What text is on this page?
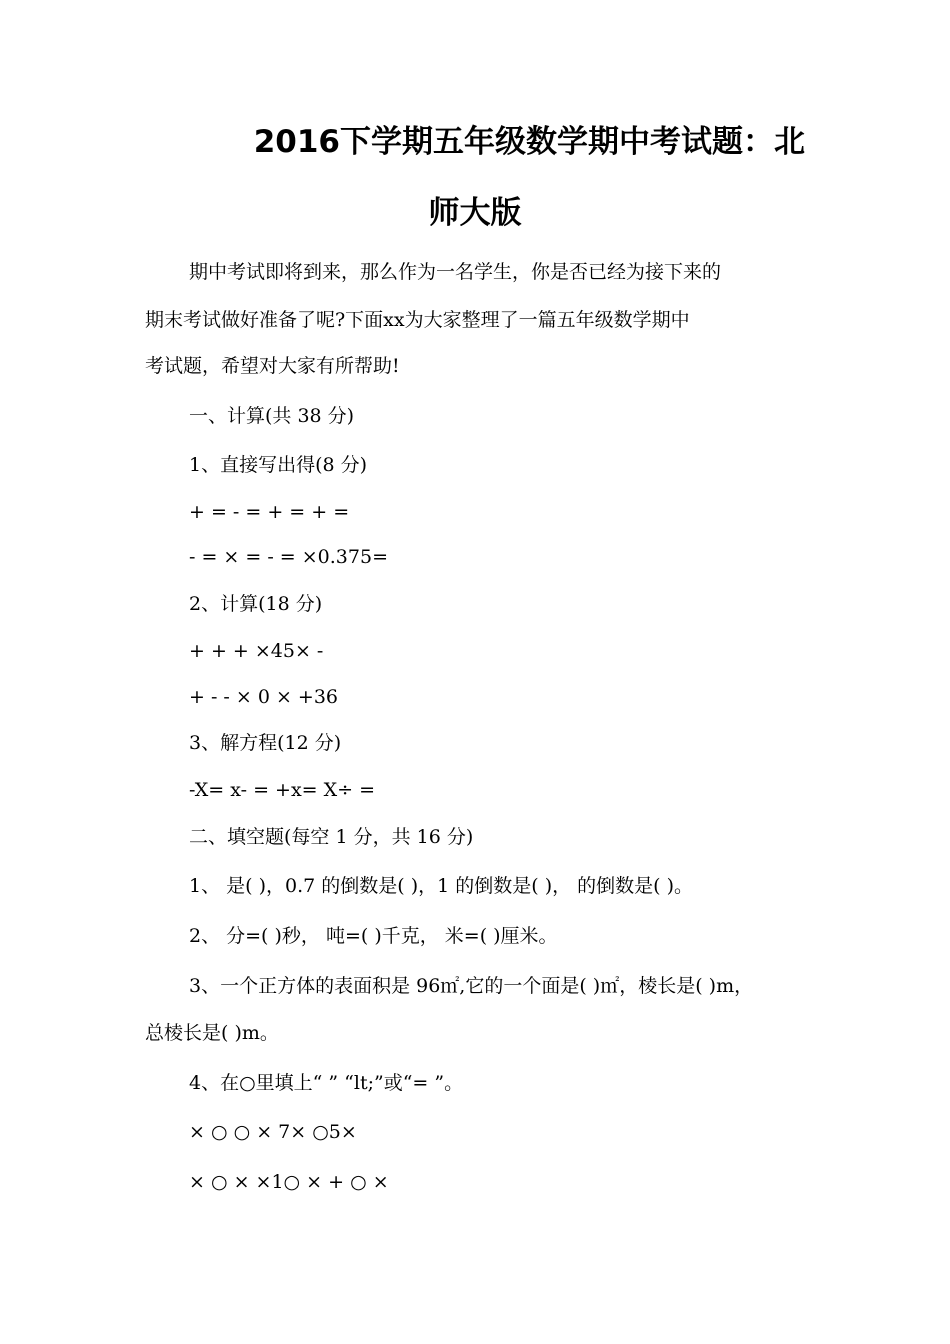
2016下学期五年级数学期中考试题：北
师大版
期中考试即将到来，那么作为一名学生，你是否已经为接下来的
期末考试做好准备了呢?下面xx为大家整理了一篇五年级数学期中
考试题，希望对大家有所帮助!
一、计算(共 38 分)
1、直接写出得(8 分)
+ = - = + = + =
- = × = - = ×0.375=
2、计算(18 分)
+ + + ×45× -
+ - - × 0 × +36
3、解方程(12 分)
-X= x- = +x= X÷ =
二、填空题(每空 1 分，共 16 分)
1、 是( )，0.7 的倒数是( )，1 的倒数是( )， 的倒数是( )。
2、 分=( )秒， 吨=( )千克， 米=( )厘米。
3、一个正方体的表面积是 96㎡,它的一个面是( )㎡，棱长是( )m，
总棱长是( )m。
4、在○里填上“ ” “lt;”或“= ”。
× ○ ○ × 7× ○5×
× ○ × ×1○ × + ○ ×
